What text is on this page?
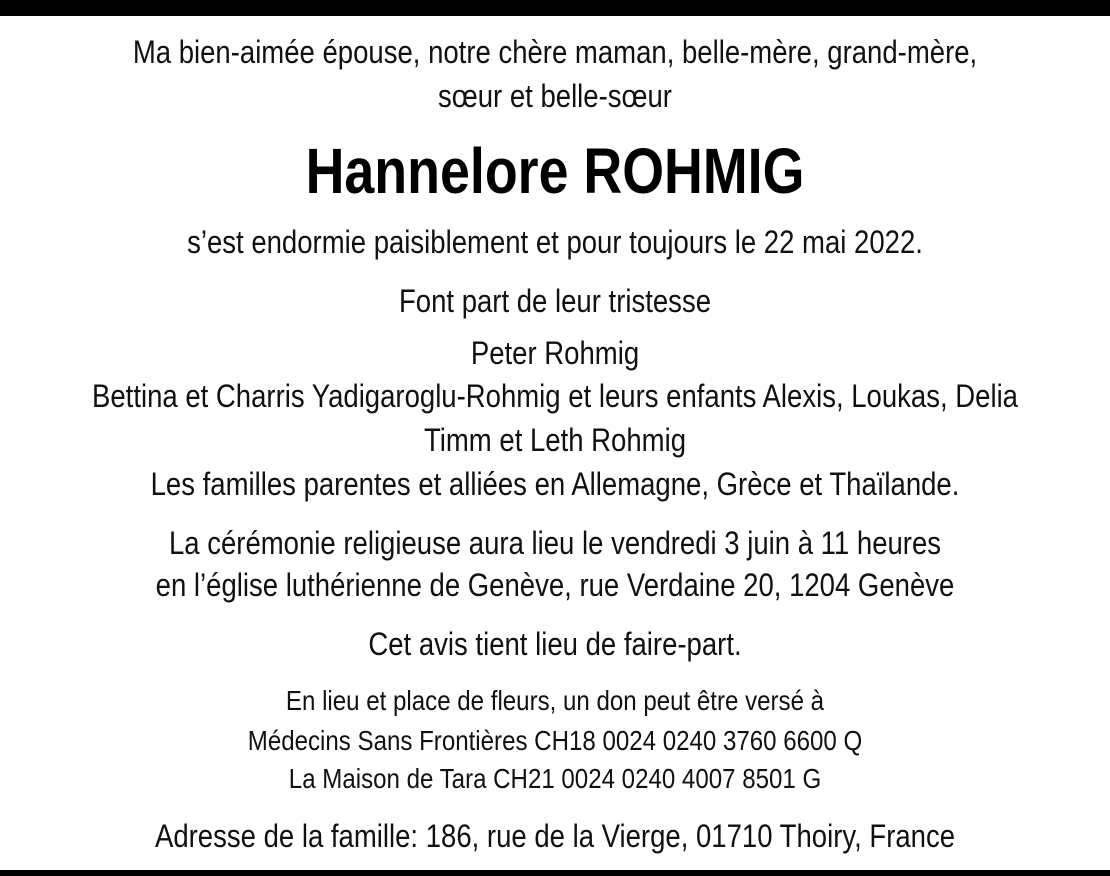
Ma bien-aimée épouse, notre chère maman, belle-mère, grand-mère,
sœur et belle-sœur
Hannelore ROHMIG
s’est endormie paisiblement et pour toujours le 22 mai 2022.
Font part de leur tristesse
Peter Rohmig
Bettina et Charris Yadigaroglu-Rohmig et leurs enfants Alexis, Loukas, Delia
Timm et Leth Rohmig
Les familles parentes et alliées en Allemagne, Grèce et Thaïlande.
La cérémonie religieuse aura lieu le vendredi 3 juin à 11 heures
en l’église luthérienne de Genève, rue Verdaine 20, 1204 Genève
Cet avis tient lieu de faire-part.
En lieu et place de fleurs, un don peut être versé à
Médecins Sans Frontières CH18 0024 0240 3760 6600 Q
La Maison de Tara CH21 0024 0240 4007 8501 G
Adresse de la famille: 186, rue de la Vierge, 01710 Thoiry, France
